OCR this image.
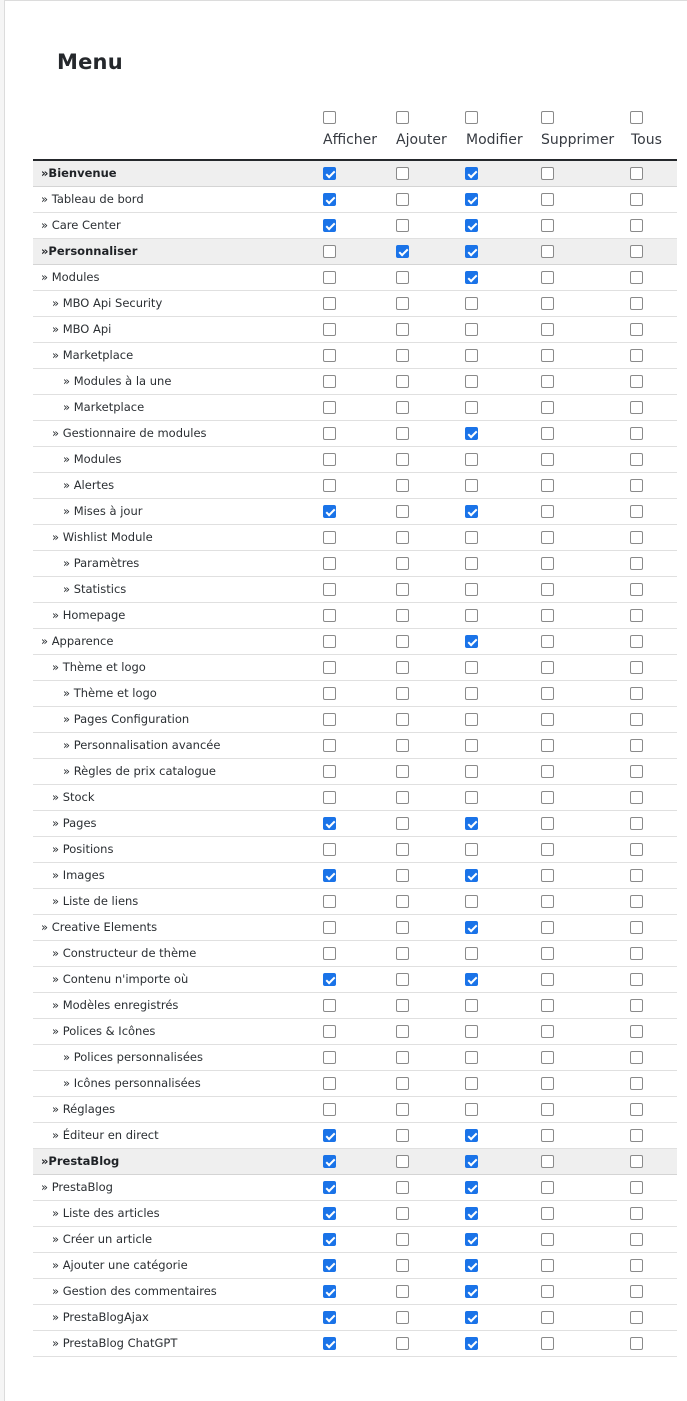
Menu
Afficher Ajouter Modifier Supprimer Tous
»Bienvenue
» Tableau de bord
» Care Center
»Personnaliser
» Modules
» MBO Api Security
» MBO Api
» Marketplace
» Modules à la une
» Marketplace
» Gestionnaire de modules
» Modules
» Alertes
» Mises à jour
» Wishlist Module
» Paramètres
» Statistics
» Homepage
» Apparence
» Thème et logo
» Thème et logo
» Pages Configuration
» Personnalisation avancée
» Règles de prix catalogue
» Stock
» Pages
» Positions
» Images
» Liste de liens
» Creative Elements
» Constructeur de thème
» Contenu n'importe où
» Modèles enregistrés
» Polices & Icônes
» Polices personnalisées
» Icônes personnalisées
» Réglages
» Éditeur en direct
»PrestaBlog
» PrestaBlog
» Liste des articles
» Créer un article
» Ajouter une catégorie
» Gestion des commentaires
» PrestaBlogAjax
» PrestaBlog ChatGPT
